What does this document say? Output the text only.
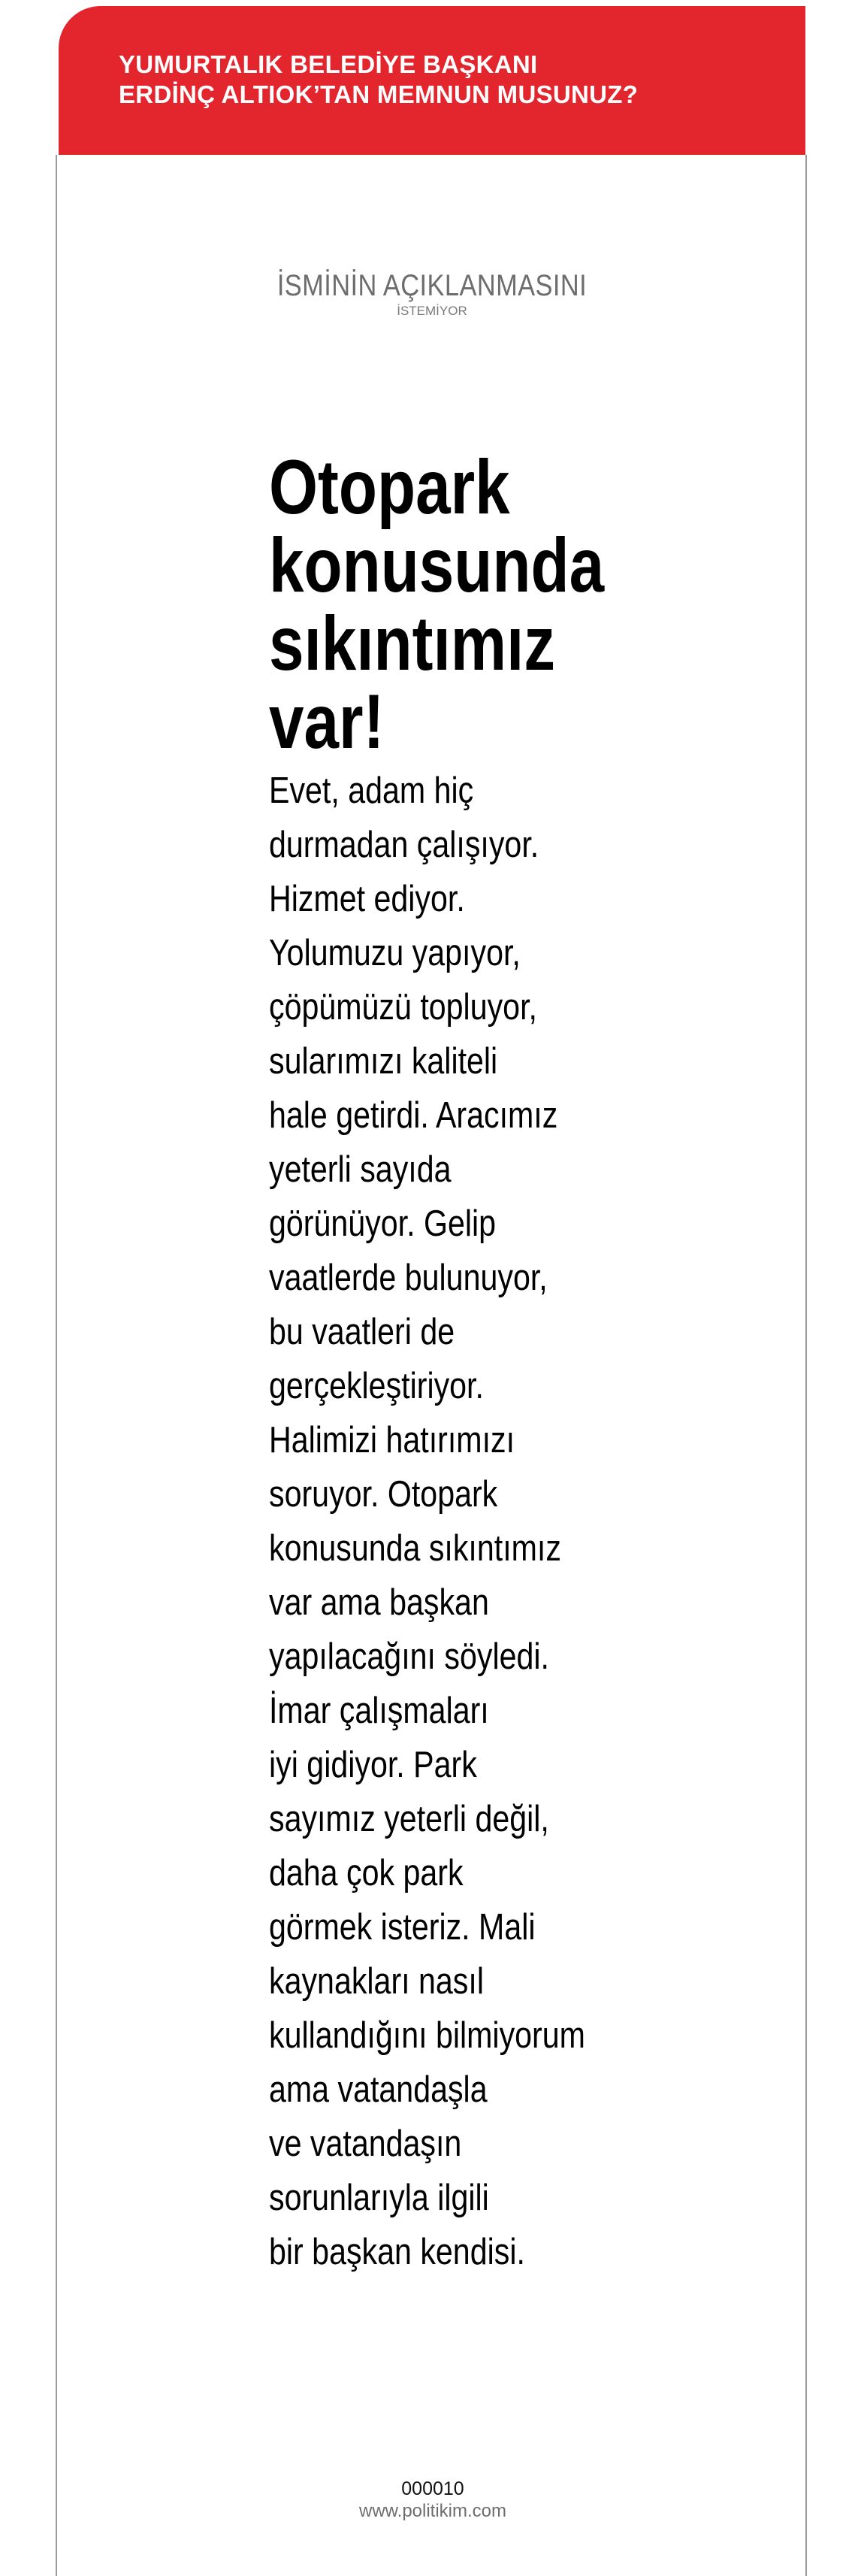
YUMURTALIK BELEDİYE BAŞKANI
ERDİNÇ ALTIOK’TAN MEMNUN MUSUNUZ?
İSMİNİN AÇIKLANMASINI
İSTEMİYOR
Otopark
konusunda
sıkıntımız
var!

Evet, adam hiç
durmadan çalışıyor.
Hizmet ediyor.
Yolumuzu yapıyor,
çöpümüzü topluyor,
sularımızı kaliteli
hale getirdi. Aracımız
yeterli sayıda
görünüyor. Gelip
vaatlerde bulunuyor,
bu vaatleri de
gerçekleştiriyor.
Halimizi hatırımızı
soruyor. Otopark
konusunda sıkıntımız
var ama başkan
yapılacağını söyledi.
İmar çalışmaları
iyi gidiyor. Park
sayımız yeterli değil,
daha çok park
görmek isteriz. Mali
kaynakları nasıl
kullandığını bilmiyorum
ama vatandaşla
ve vatandaşın
sorunlarıyla ilgili
bir başkan kendisi.

000010
www.politikim.com
